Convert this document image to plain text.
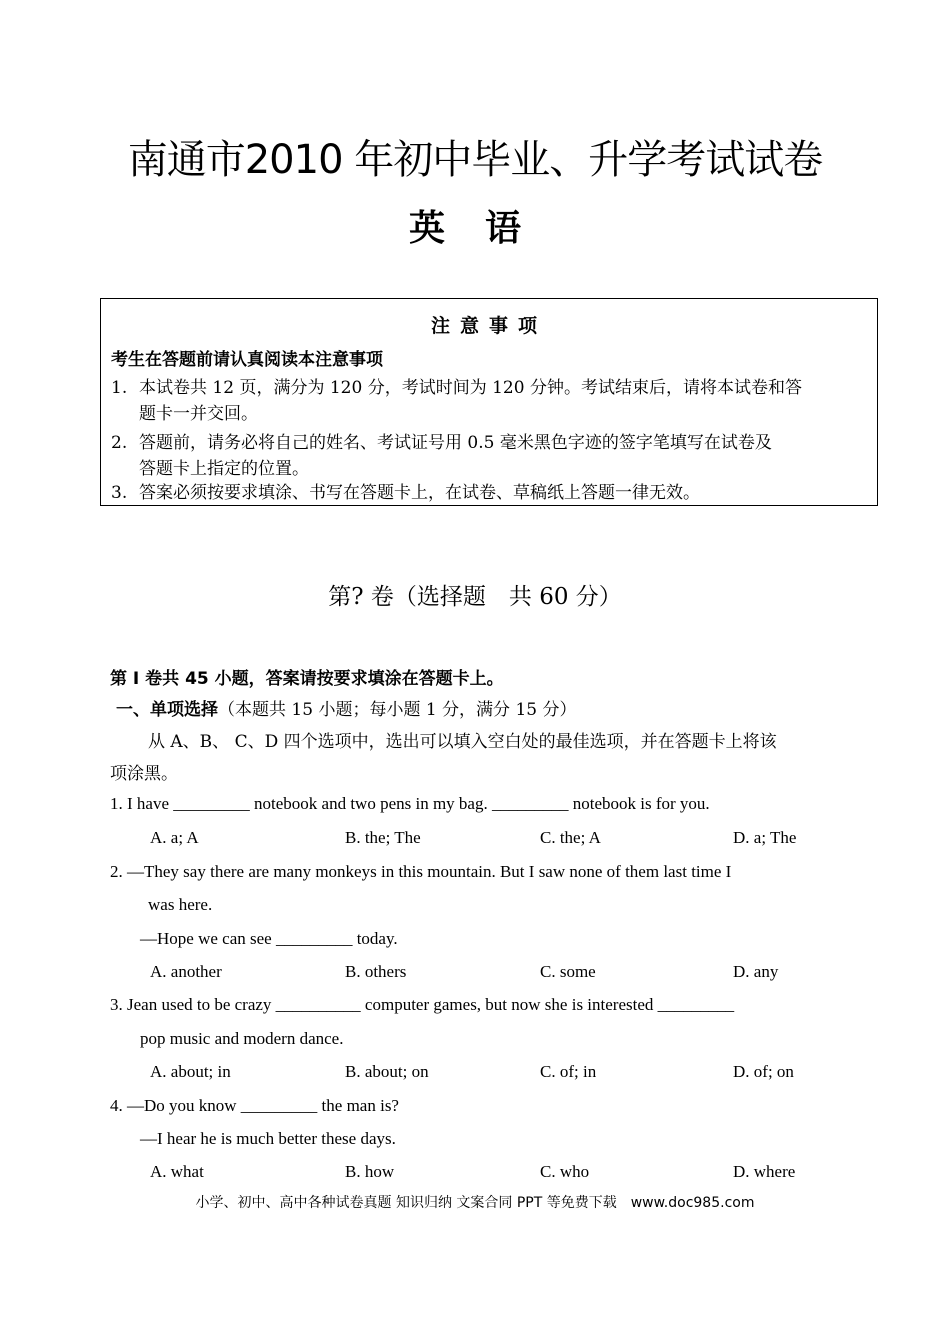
南通市2010 年初中毕业、升学考试试卷
英语
注意事项
考生在答题前请认真阅读本注意事项
1. 本试卷共 12 页，满分为 120 分，考试时间为 120 分钟。考试结束后，请将本试卷和答
题卡一并交回。
2. 答题前，请务必将自己的姓名、考试证号用 0.5 毫米黑色字迹的签字笔填写在试卷及
答题卡上指定的位置。
3. 答案必须按要求填涂、书写在答题卡上，在试卷、草稿纸上答题一律无效。
第? 卷（选择题　共 60 分）
第 I 卷共 45 小题，答案请按要求填涂在答题卡上。
一、单项选择（本题共 15 小题；每小题 1 分，满分 15 分）
从 A、B、 C、D 四个选项中，选出可以填入空白处的最佳选项，并在答题卡上将该
项涂黑。
1. I have _________ notebook and two pens in my bag. _________ notebook is for you.
A. a; A	B. the; The	C. the; A	D. a; The
2. —They say there are many monkeys in this mountain. But I saw none of them last time I
was here.
—Hope we can see _________ today.
A. another	B. others	C. some	D. any
3. Jean used to be crazy __________ computer games, but now she is interested _________
pop music and modern dance.
A. about; in	B. about; on	C. of; in	D. of; on
4. —Do you know _________ the man is?
—I hear he is much better these days.
A. what	B. how	C. who	D. where
小学、初中、高中各种试卷真题 知识归纳 文案合同 PPT 等免费下载　www.doc985.com
